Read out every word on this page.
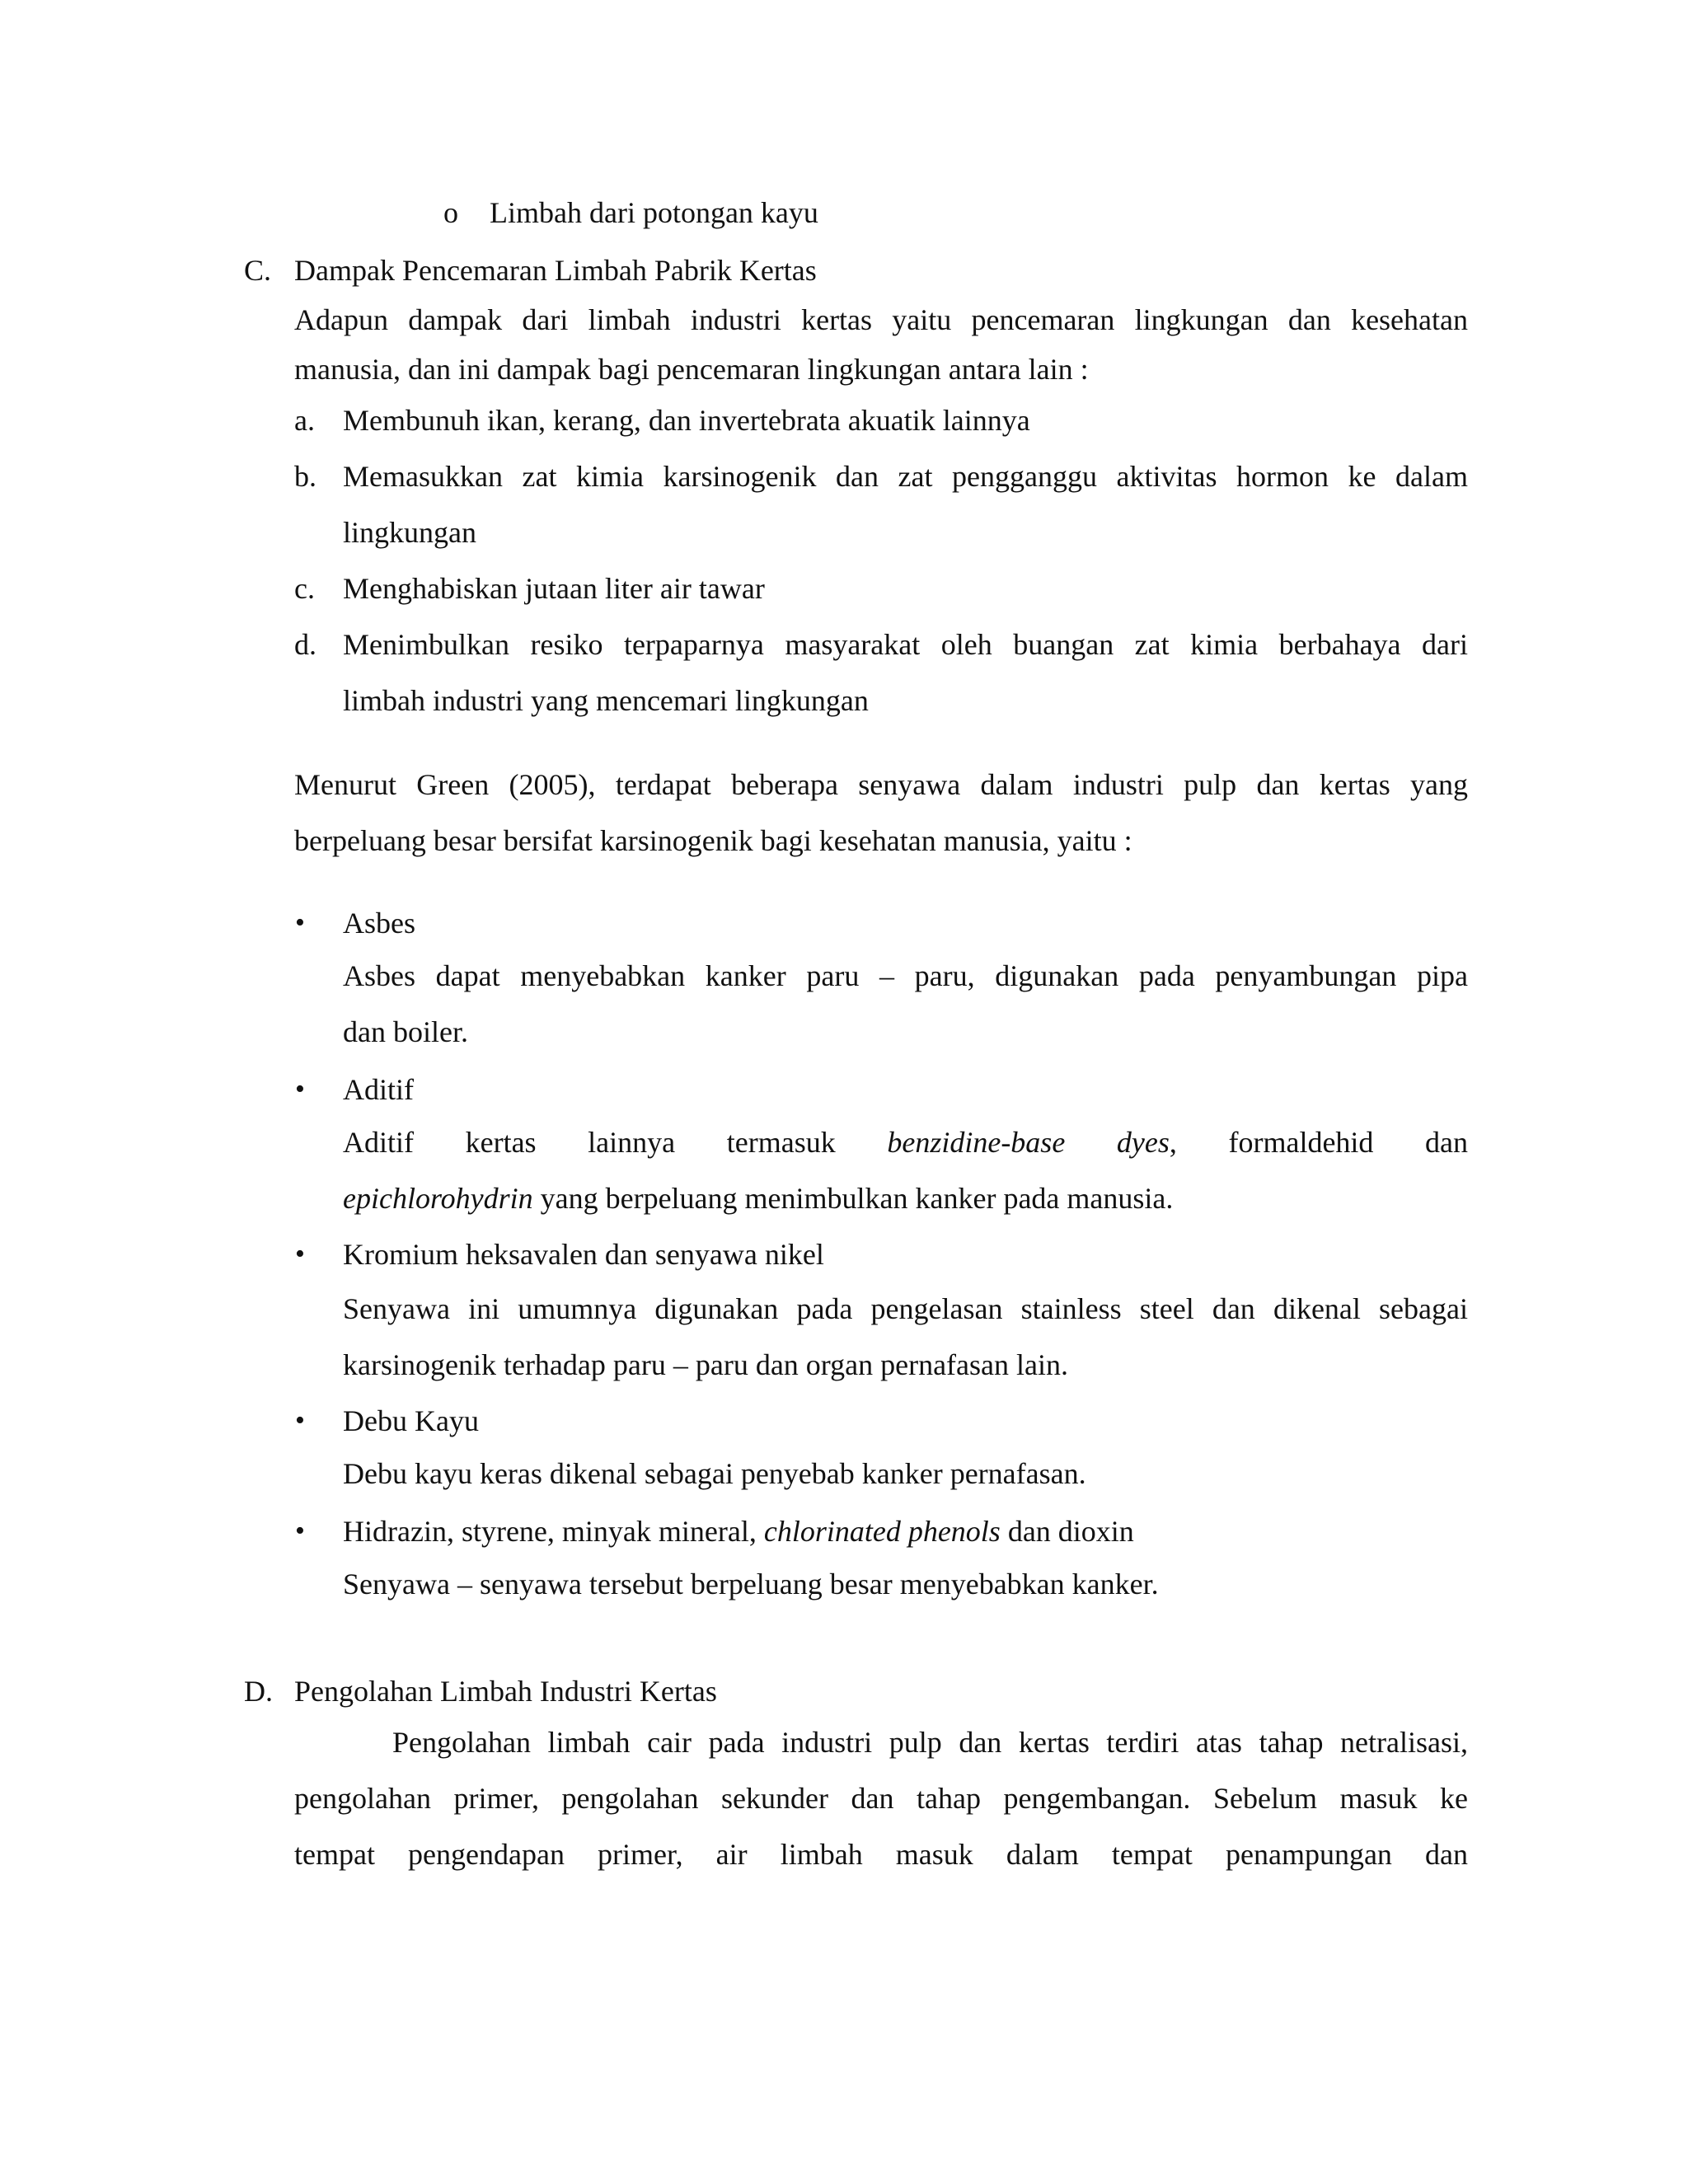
o Limbah dari potongan kayu
C. Dampak Pencemaran Limbah Pabrik Kertas
Adapun dampak dari limbah industri kertas yaitu pencemaran lingkungan dan kesehatan
manusia, dan ini dampak bagi pencemaran lingkungan antara lain :
a. Membunuh ikan, kerang, dan invertebrata akuatik lainnya
b. Memasukkan zat kimia karsinogenik dan zat pengganggu aktivitas hormon ke dalam
lingkungan
c. Menghabiskan jutaan liter air tawar
d. Menimbulkan resiko terpaparnya masyarakat oleh buangan zat kimia berbahaya dari
limbah industri yang mencemari lingkungan
Menurut Green (2005), terdapat beberapa senyawa dalam industri pulp dan kertas yang
berpeluang besar bersifat karsinogenik bagi kesehatan manusia, yaitu :
• Asbes
Asbes dapat menyebabkan kanker paru – paru, digunakan pada penyambungan pipa
dan boiler.
• Aditif
Aditif kertas lainnya termasuk benzidine-base dyes, formaldehid dan
epichlorohydrin yang berpeluang menimbulkan kanker pada manusia.
• Kromium heksavalen dan senyawa nikel
Senyawa ini umumnya digunakan pada pengelasan stainless steel dan dikenal sebagai
karsinogenik terhadap paru – paru dan organ pernafasan lain.
• Debu Kayu
Debu kayu keras dikenal sebagai penyebab kanker pernafasan.
• Hidrazin, styrene, minyak mineral, chlorinated phenols dan dioxin
Senyawa – senyawa tersebut berpeluang besar menyebabkan kanker.
D. Pengolahan Limbah Industri Kertas
Pengolahan limbah cair pada industri pulp dan kertas terdiri atas tahap netralisasi,
pengolahan primer, pengolahan sekunder dan tahap pengembangan. Sebelum masuk ke
tempat pengendapan primer, air limbah masuk dalam tempat penampungan dan
